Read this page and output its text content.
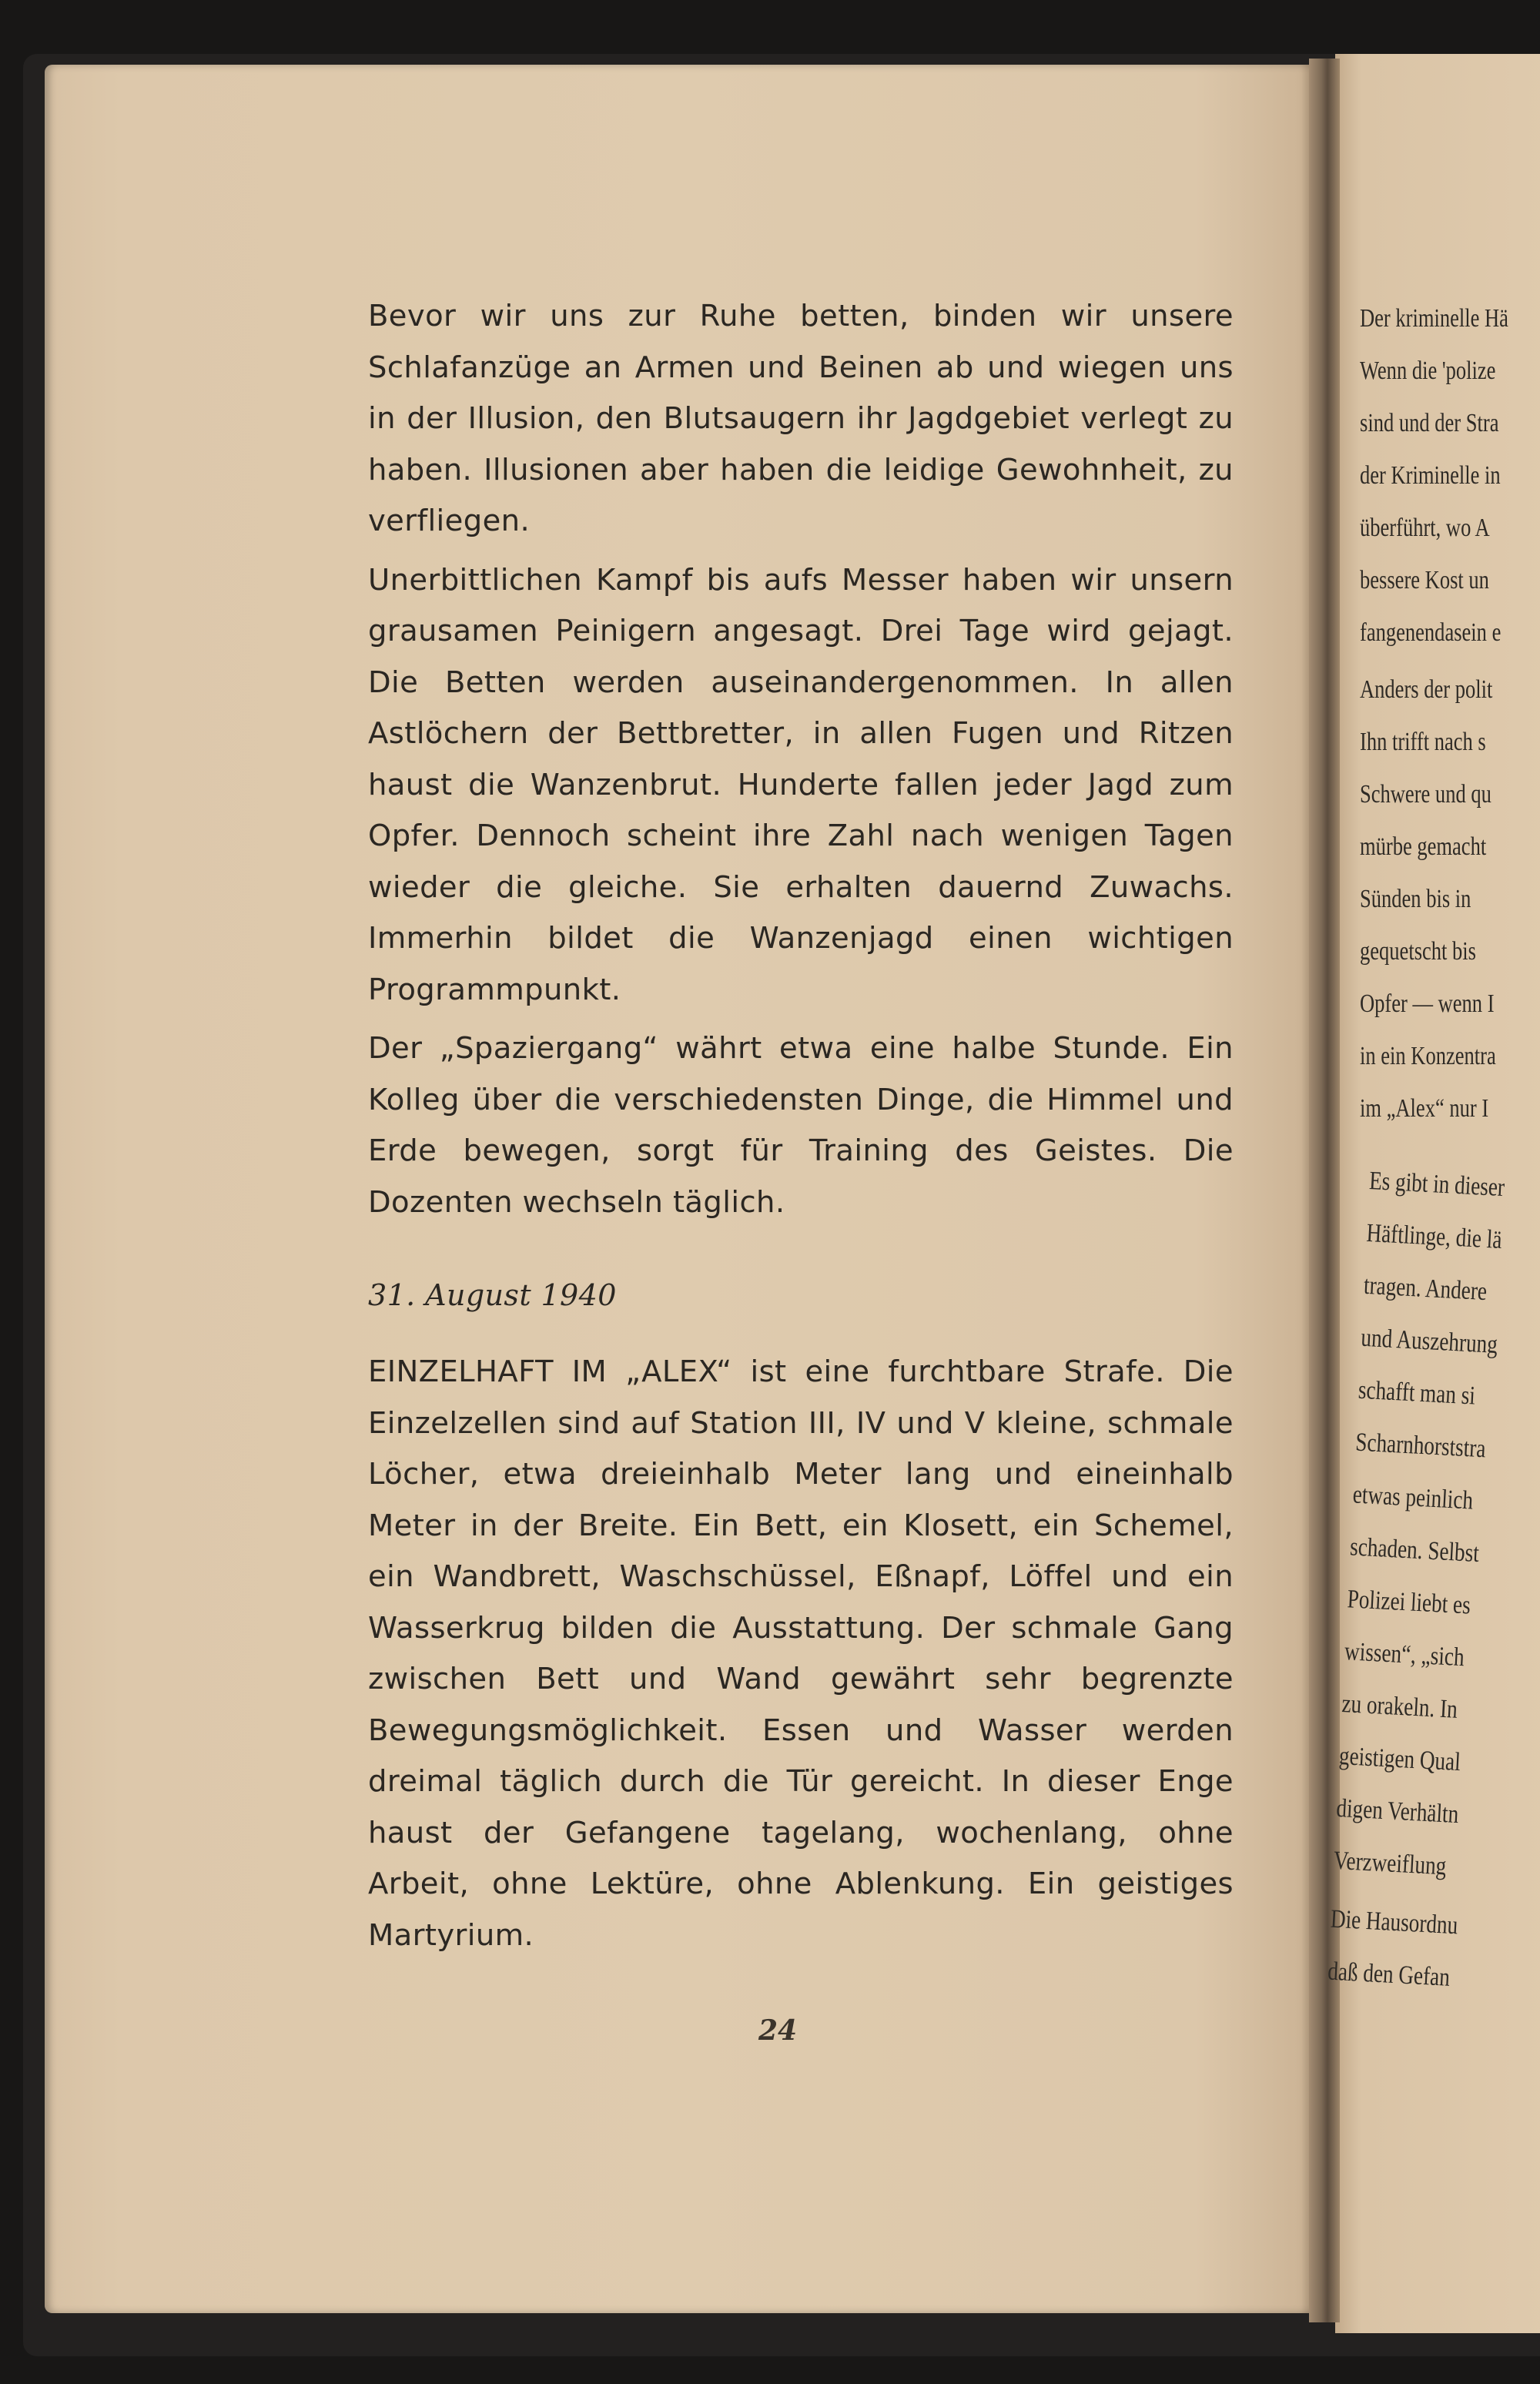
Bevor wir uns zur Ruhe betten, binden wir unsere Schlafanzüge an Armen und Beinen ab und wiegen uns in der Illusion, den Blutsaugern ihr Jagdgebiet verlegt zu haben. Illusionen aber haben die leidige Gewohnheit, zu verfliegen.

Unerbittlichen Kampf bis aufs Messer haben wir unsern grausamen Peinigern angesagt. Drei Tage wird gejagt. Die Betten werden auseinandergenommen. In allen Astlöchern der Bettbretter, in allen Fugen und Ritzen haust die Wanzenbrut. Hunderte fallen jeder Jagd zum Opfer. Dennoch scheint ihre Zahl nach wenigen Tagen wieder die gleiche. Sie erhalten dauernd Zuwachs. Immerhin bildet die Wanzenjagd einen wichtigen Programmpunkt.

Der „Spaziergang“ währt etwa eine halbe Stunde. Ein Kolleg über die verschiedensten Dinge, die Himmel und Erde bewegen, sorgt für Training des Geistes. Die Dozenten wechseln täglich.

31. August 1940

EINZELHAFT IM „ALEX“ ist eine furchtbare Strafe. Die Einzelzellen sind auf Station III, IV und V kleine, schmale Löcher, etwa dreieinhalb Meter lang und eineinhalb Meter in der Breite. Ein Bett, ein Klosett, ein Schemel, ein Wandbrett, Waschschüssel, Eßnapf, Löffel und ein Wasserkrug bilden die Ausstattung. Der schmale Gang zwischen Bett und Wand gewährt sehr begrenzte Bewegungsmöglichkeit. Essen und Wasser werden dreimal täglich durch die Tür gereicht. In dieser Enge haust der Gefangene tagelang, wochenlang, ohne Arbeit, ohne Lektüre, ohne Ablenkung. Ein geistiges Martyrium.

24
Der kriminelle Hä
Wenn die 'polize
sind und der Stra
der Kriminelle in
überführt, wo A
bessere Kost un
fangenendasein e
Anders der polit
Ihn trifft nach s
Schwere und qu
mürbe gemacht
Sünden bis in
gequetscht bis
Opfer — wenn I
in ein Konzentra
im „Alex“ nur I
Es gibt in dieser
Häftlinge, die lä
tragen. Andere
und Auszehrung
schafft man si
Scharnhorststra
etwas peinlich
schaden. Selbst
Polizei liebt es
wissen“, „sich
zu orakeln. In
geistigen Qual
digen Verhältn
Verzweiflung
Die Hausordnu
daß den Gefan
